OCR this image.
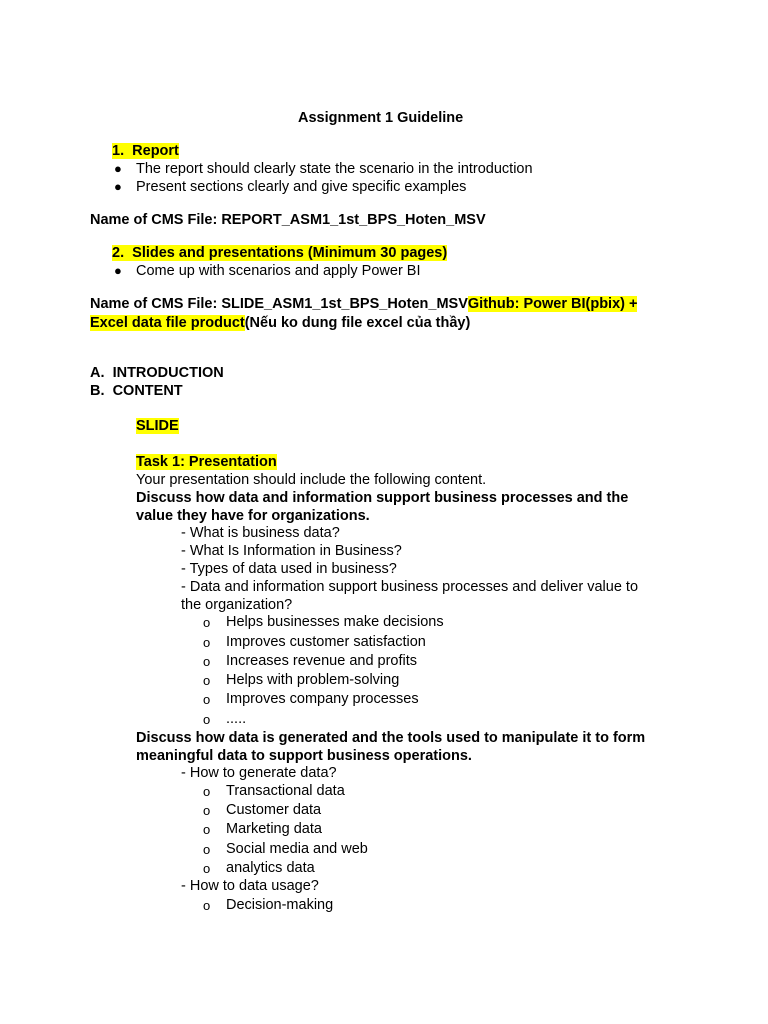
Assignment 1 Guideline
1. Report
● The report should clearly state the scenario in the introduction
● Present sections clearly and give specific examples
Name of CMS File: REPORT_ASM1_1st_BPS_Hoten_MSV
2. Slides and presentations (Minimum 30 pages)
● Come up with scenarios and apply Power BI
Name of CMS File: SLIDE_ASM1_1st_BPS_Hoten_MSVGithub: Power BI(pbix) +
Excel data file product(Nếu ko dung file excel của thầy)
A. INTRODUCTION
B. CONTENT
SLIDE
Task 1: Presentation
Your presentation should include the following content.
Discuss how data and information support business processes and the
value they have for organizations.
- What is business data?
- What Is Information in Business?
- Types of data used in business?
- Data and information support business processes and deliver value to
the organization?
o Helps businesses make decisions
o Improves customer satisfaction
o Increases revenue and profits
o Helps with problem-solving
o Improves company processes
o .....
Discuss how data is generated and the tools used to manipulate it to form
meaningful data to support business operations.
- How to generate data?
o Transactional data
o Customer data
o Marketing data
o Social media and web
o analytics data
- How to data usage?
o Decision-making
